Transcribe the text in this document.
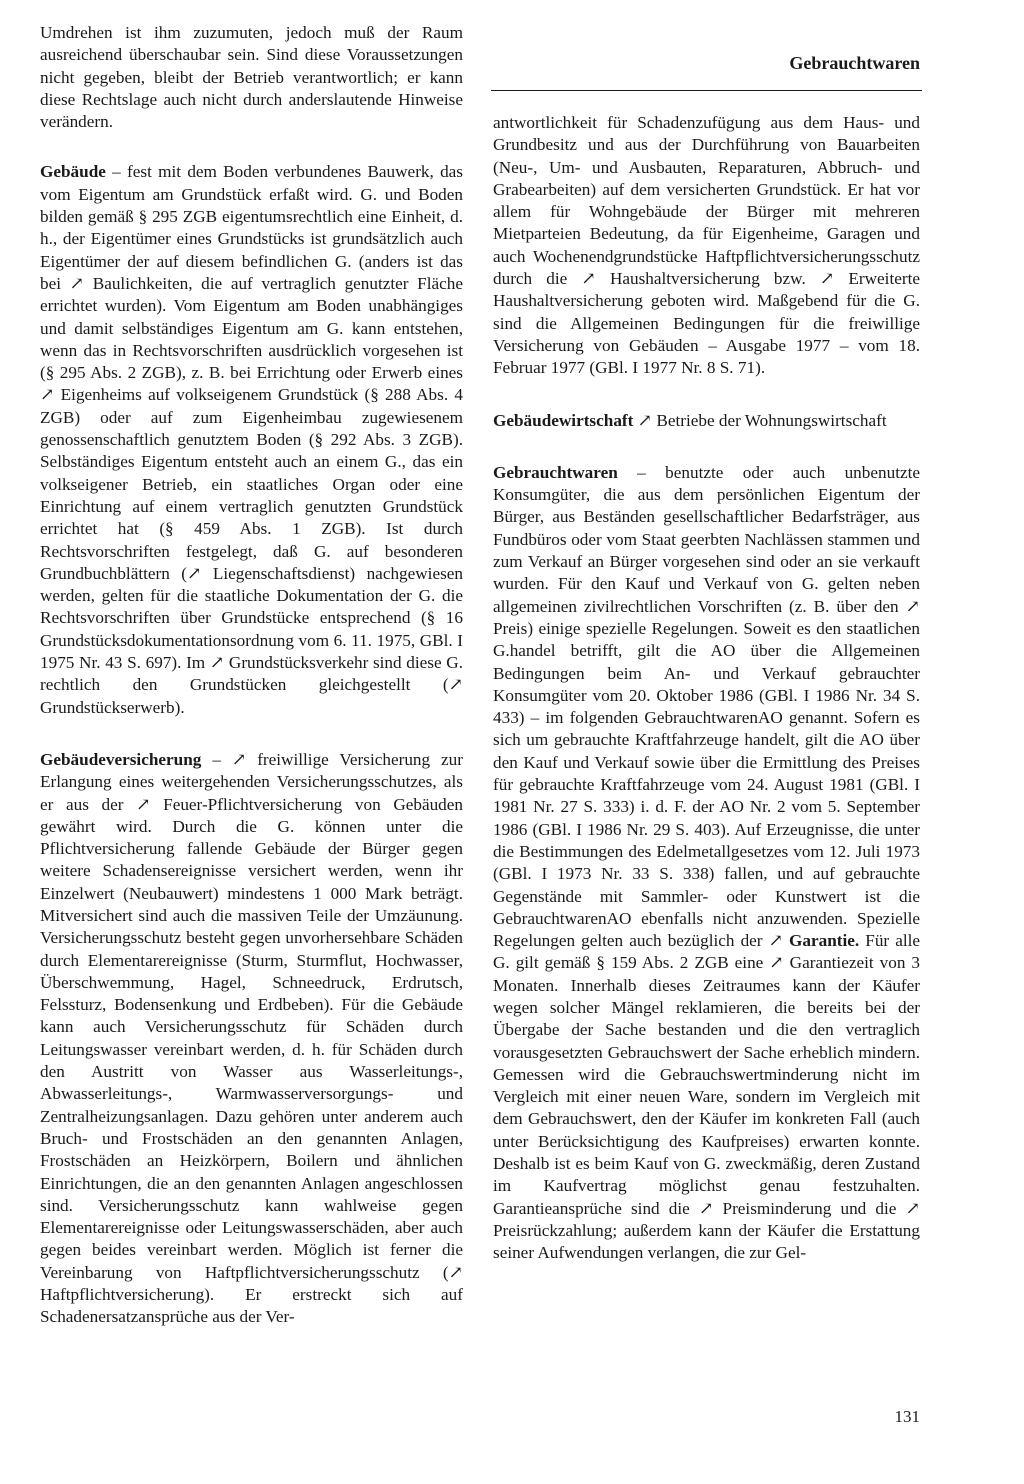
Gebrauchtwaren

Umdrehen ist ihm zuzumuten, jedoch muß der Raum ausreichend überschaubar sein. Sind diese Voraussetzungen nicht gegeben, bleibt der Betrieb verantwortlich; er kann diese Rechtslage auch nicht durch anderslautende Hinweise verändern.

Gebäude – fest mit dem Boden verbundenes Bauwerk, das vom Eigentum am Grundstück erfaßt wird. G. und Boden bilden gemäß § 295 ZGB eigentumsrechtlich eine Einheit, d. h., der Eigentümer eines Grundstücks ist grundsätzlich auch Eigentümer der auf diesem befindlichen G. (anders ist das bei ↗ Baulichkeiten, die auf vertraglich genutzter Fläche errichtet wurden). Vom Eigentum am Boden unabhängiges und damit selbständiges Eigentum am G. kann entstehen, wenn das in Rechtsvorschriften ausdrücklich vorgesehen ist (§ 295 Abs. 2 ZGB), z. B. bei Errichtung oder Erwerb eines ↗ Eigenheims auf volkseigenem Grundstück (§ 288 Abs. 4 ZGB) oder auf zum Eigenheimbau zugewiesenem genossenschaftlich genutztem Boden (§ 292 Abs. 3 ZGB). Selbständiges Eigentum entsteht auch an einem G., das ein volkseigener Betrieb, ein staatliches Organ oder eine Einrichtung auf einem vertraglich genutzten Grundstück errichtet hat (§ 459 Abs. 1 ZGB). Ist durch Rechtsvorschriften festgelegt, daß G. auf besonderen Grundbuchblättern (↗ Liegenschaftsdienst) nachgewiesen werden, gelten für die staatliche Dokumentation der G. die Rechtsvorschriften über Grundstücke entsprechend (§ 16 Grundstücksdokumentationsordnung vom 6. 11. 1975, GBl. I 1975 Nr. 43 S. 697). Im ↗ Grundstücksverkehr sind diese G. rechtlich den Grundstücken gleichgestellt (↗ Grundstückserwerb).

Gebäudeversicherung – ↗ freiwillige Versicherung zur Erlangung eines weitergehenden Versicherungsschutzes, als er aus der ↗ Feuer-Pflichtversicherung von Gebäuden gewährt wird. Durch die G. können unter die Pflichtversicherung fallende Gebäude der Bürger gegen weitere Schadensereignisse versichert werden, wenn ihr Einzelwert (Neubauwert) mindestens 1 000 Mark beträgt. Mitversichert sind auch die massiven Teile der Umzäunung. Versicherungsschutz besteht gegen unvorhersehbare Schäden durch Elementarereignisse (Sturm, Sturmflut, Hochwasser, Überschwemmung, Hagel, Schneedruck, Erdrutsch, Felssturz, Bodensenkung und Erdbeben). Für die Gebäude kann auch Versicherungsschutz für Schäden durch Leitungswasser vereinbart werden, d. h. für Schäden durch den Austritt von Wasser aus Wasserleitungs-, Abwasserleitungs-, Warmwasserversorgungs- und Zentralheizungsanlagen. Dazu gehören unter anderem auch Bruch- und Frostschäden an den genannten Anlagen, Frostschäden an Heizkörpern, Boilern und ähnlichen Einrichtungen, die an den genannten Anlagen angeschlossen sind. Versicherungsschutz kann wahlweise gegen Elementarereignisse oder Leitungswasserschäden, aber auch gegen beides vereinbart werden. Möglich ist ferner die Vereinbarung von Haftpflichtversicherungsschutz (↗ Haftpflichtversicherung). Er erstreckt sich auf Schadenersatzansprüche aus der Ver-

antwortlichkeit für Schadenzufügung aus dem Haus- und Grundbesitz und aus der Durchführung von Bauarbeiten (Neu-, Um- und Ausbauten, Reparaturen, Abbruch- und Grabearbeiten) auf dem versicherten Grundstück. Er hat vor allem für Wohngebäude der Bürger mit mehreren Mietparteien Bedeutung, da für Eigenheime, Garagen und auch Wochenendgrundstücke Haftpflichtversicherungsschutz durch die ↗ Haushaltversicherung bzw. ↗ Erweiterte Haushaltversicherung geboten wird. Maßgebend für die G. sind die Allgemeinen Bedingungen für die freiwillige Versicherung von Gebäuden – Ausgabe 1977 – vom 18. Februar 1977 (GBl. I 1977 Nr. 8 S. 71).

Gebäudewirtschaft ↗ Betriebe der Wohnungswirtschaft

Gebrauchtwaren – benutzte oder auch unbenutzte Konsumgüter, die aus dem persönlichen Eigentum der Bürger, aus Beständen gesellschaftlicher Bedarfsträger, aus Fundbüros oder vom Staat geerbten Nachlässen stammen und zum Verkauf an Bürger vorgesehen sind oder an sie verkauft wurden. Für den Kauf und Verkauf von G. gelten neben allgemeinen zivilrechtlichen Vorschriften (z. B. über den ↗ Preis) einige spezielle Regelungen. Soweit es den staatlichen G.handel betrifft, gilt die AO über die Allgemeinen Bedingungen beim An- und Verkauf gebrauchter Konsumgüter vom 20. Oktober 1986 (GBl. I 1986 Nr. 34 S. 433) – im folgenden GebrauchtwarenAO genannt. Sofern es sich um gebrauchte Kraftfahrzeuge handelt, gilt die AO über den Kauf und Verkauf sowie über die Ermittlung des Preises für gebrauchte Kraftfahrzeuge vom 24. August 1981 (GBl. I 1981 Nr. 27 S. 333) i. d. F. der AO Nr. 2 vom 5. September 1986 (GBl. I 1986 Nr. 29 S. 403). Auf Erzeugnisse, die unter die Bestimmungen des Edelmetallgesetzes vom 12. Juli 1973 (GBl. I 1973 Nr. 33 S. 338) fallen, und auf gebrauchte Gegenstände mit Sammler- oder Kunstwert ist die GebrauchtwarenAO ebenfalls nicht anzuwenden. Spezielle Regelungen gelten auch bezüglich der ↗ Garantie. Für alle G. gilt gemäß § 159 Abs. 2 ZGB eine ↗ Garantiezeit von 3 Monaten. Innerhalb dieses Zeitraumes kann der Käufer wegen solcher Mängel reklamieren, die bereits bei der Übergabe der Sache bestanden und die den vertraglich vorausgesetzten Gebrauchswert der Sache erheblich mindern. Gemessen wird die Gebrauchswertminderung nicht im Vergleich mit einer neuen Ware, sondern im Vergleich mit dem Gebrauchswert, den der Käufer im konkreten Fall (auch unter Berücksichtigung des Kaufpreises) erwarten konnte. Deshalb ist es beim Kauf von G. zweckmäßig, deren Zustand im Kaufvertrag möglichst genau festzuhalten. Garantieansprüche sind die ↗ Preisminderung und die ↗ Preisrückzahlung; außerdem kann der Käufer die Erstattung seiner Aufwendungen verlangen, die zur Gel-

131
